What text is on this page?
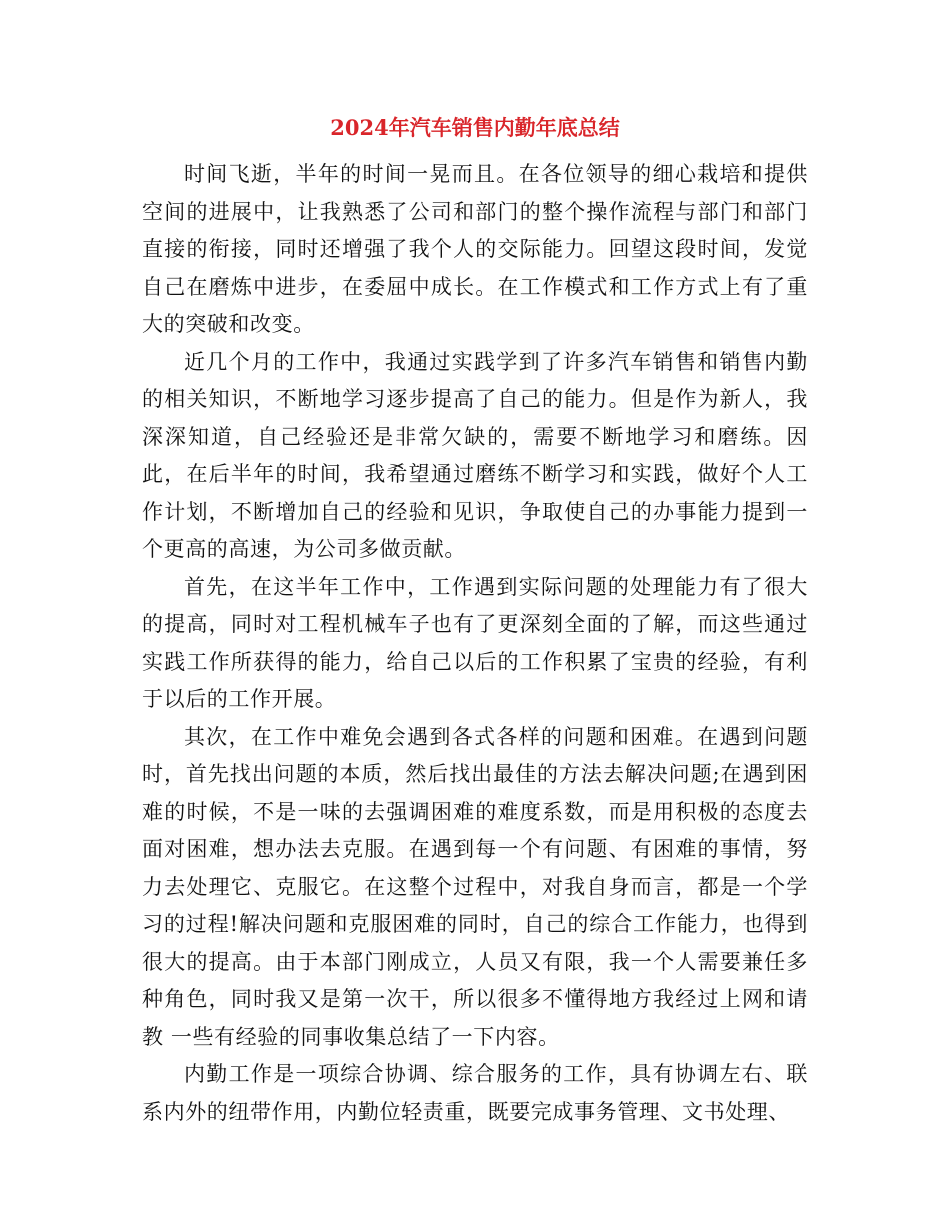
2024年汽车销售内勤年底总结

时间飞逝，半年的时间一晃而且。在各位领导的细心栽培和提供空间的进展中，让我熟悉了公司和部门的整个操作流程与部门和部门直接的衔接，同时还增强了我个人的交际能力。回望这段时间，发觉自己在磨炼中进步，在委屈中成长。在工作模式和工作方式上有了重大的突破和改变。

近几个月的工作中，我通过实践学到了许多汽车销售和销售内勤的相关知识，不断地学习逐步提高了自己的能力。但是作为新人，我深深知道，自己经验还是非常欠缺的，需要不断地学习和磨练。因此，在后半年的时间，我希望通过磨练不断学习和实践，做好个人工作计划，不断增加自己的经验和见识，争取使自己的办事能力提到一个更高的高速，为公司多做贡献。

首先，在这半年工作中，工作遇到实际问题的处理能力有了很大的提高，同时对工程机械车子也有了更深刻全面的了解，而这些通过实践工作所获得的能力，给自己以后的工作积累了宝贵的经验，有利于以后的工作开展。

其次，在工作中难免会遇到各式各样的问题和困难。在遇到问题时，首先找出问题的本质，然后找出最佳的方法去解决问题;在遇到困难的时候，不是一味的去强调困难的难度系数，而是用积极的态度去面对困难，想办法去克服。在遇到每一个有问题、有困难的事情，努力去处理它、克服它。在这整个过程中，对我自身而言，都是一个学习的过程!解决问题和克服困难的同时，自己的综合工作能力，也得到很大的提高。由于本部门刚成立，人员又有限，我一个人需要兼任多种角色，同时我又是第一次干，所以很多不懂得地方我经过上网和请教 一些有经验的同事收集总结了一下内容。

内勤工作是一项综合协调、综合服务的工作，具有协调左右、联系内外的纽带作用，内勤位轻责重，既要完成事务管理、文书处理、
